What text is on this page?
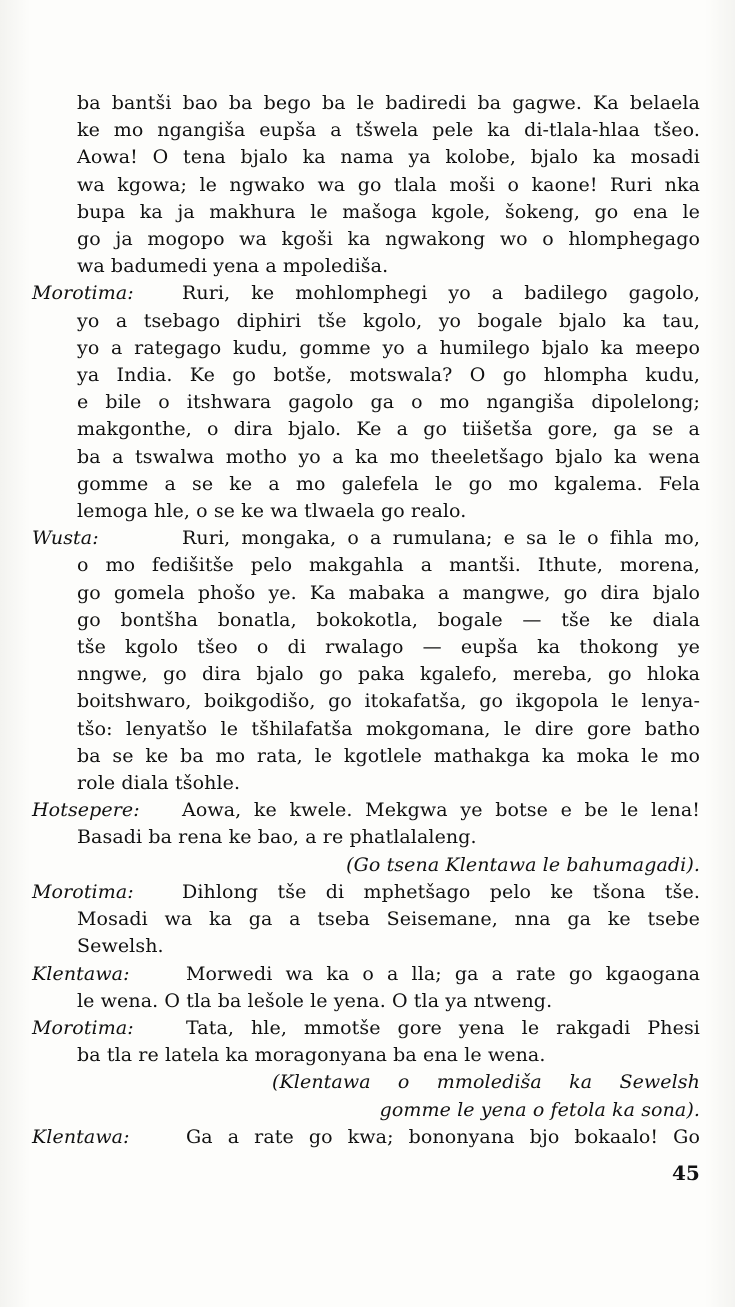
ba bantši bao ba bego ba le badiredi ba gagwe. Ka belaela
ke mo ngangiša eupša a tšwela pele ka di-tlala-hlaa tšeo.
Aowa! O tena bjalo ka nama ya kolobe, bjalo ka mosadi
wa kgowa; le ngwako wa go tlala moši o kaone! Ruri nka
bupa ka ja makhura le mašoga kgole, šokeng, go ena le
go ja mogopo wa kgoši ka ngwakong wo o hlomphegago
wa badumedi yena a mpolediša.

Morotima:	Ruri, ke mohlomphegi yo a badilego gagolo,
yo a tsebago diphiri tše kgolo, yo bogale bjalo ka tau,
yo a rategago kudu, gomme yo a humilego bjalo ka meepo
ya India. Ke go botše, motswala? O go hlompha kudu,
e bile o itshwara gagolo ga o mo ngangiša dipolelong;
makgonthe, o dira bjalo. Ke a go tiišetša gore, ga se a
ba a tswalwa motho yo a ka mo theeletšago bjalo ka wena
gomme a se ke a mo galefela le go mo kgalema. Fela
lemoga hle, o se ke wa tlwaela go realo.
Wusta:	Ruri, mongaka, o a rumulana; e sa le o fihla mo,
o mo fedišitše pelo makgahla a mantši. Ithute, morena,
go gomela phošo ye. Ka mabaka a mangwe, go dira bjalo
go bontšha bonatla, bokokotla, bogale — tše ke diala
tše kgolo tšeo o di rwalago — eupša ka thokong ye
nngwe, go dira bjalo go paka kgalefo, mereba, go hloka
boitshwaro, boikgodišo, go itokafatša, go ikgopola le lenya-
tšo: lenyatšo le tšhilafatša mokgomana, le dire gore batho
ba se ke ba mo rata, le kgotlele mathakga ka moka le mo
role diala tšohle.
Hotsepere:	Aowa, ke kwele. Mekgwa ye botse e be le lena!
Basadi ba rena ke bao, a re phatlalaleng.
(Go tsena Klentawa le bahumagadi).
Morotima:	Dihlong tše di mphetšago pelo ke tšona tše.
Mosadi wa ka ga a tseba Seisemane, nna ga ke tsebe
Sewelsh.
Klentawa:	Morwedi wa ka o a lla; ga a rate go kgaogana
le wena. O tla ba lešole le yena. O tla ya ntweng.
Morotima:	Tata, hle, mmotše gore yena le rakgadi Phesi
ba tla re latela ka moragonyana ba ena le wena.
(Klentawa o mmolediša ka Sewelsh
gomme le yena o fetola ka sona).
Klentawa:	Ga a rate go kwa; bononyana bjo bokaalo! Go
45
